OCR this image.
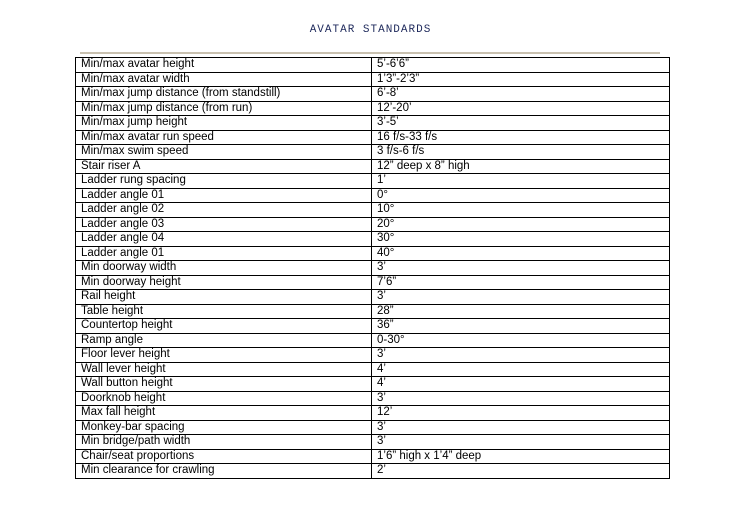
AVATAR STANDARDS
Min/max avatar height	5’-6’6”
Min/max avatar width	1’3”-2’3”
Min/max jump distance (from standstill)	6’-8’
Min/max jump distance (from run)	12’-20’
Min/max jump height	3’-5’
Min/max avatar run speed	16 f/s-33 f/s
Min/max swim speed	3 f/s-6 f/s
Stair riser A	12” deep x 8” high
Ladder rung spacing	1’
Ladder angle 01	0°
Ladder angle 02	10°
Ladder angle 03	20°
Ladder angle 04	30°
Ladder angle 01	40°
Min doorway width	3’
Min doorway height	7’6”
Rail height	3’
Table height	28”
Countertop height	36”
Ramp angle	0-30°
Floor lever height	3’
Wall lever height	4’
Wall button height	4’
Doorknob height	3’
Max fall height	12’
Monkey-bar spacing	3’
Min bridge/path width	3’
Chair/seat proportions	1’6” high x 1’4” deep
Min clearance for crawling	2’
